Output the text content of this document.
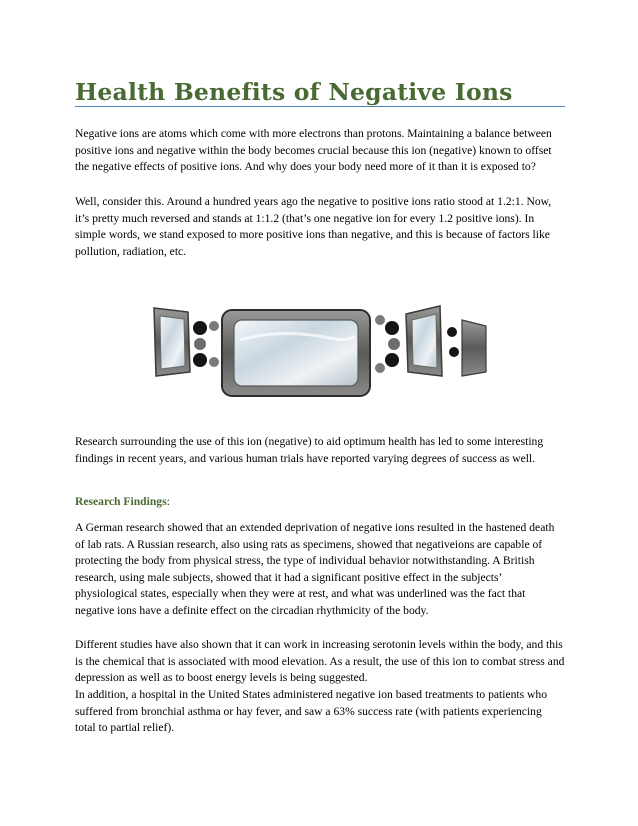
Health Benefits of Negative Ions

Negative ions are atoms which come with more electrons than protons. Maintaining a balance between positive ions and negative within the body becomes crucial because this ion (negative) known to offset the negative effects of positive ions. And why does your body need more of it than it is exposed to?

Well, consider this. Around a hundred years ago the negative to positive ions ratio stood at 1.2:1. Now, it’s pretty much reversed and stands at 1:1.2 (that’s one negative ion for every 1.2 positive ions). In simple words, we stand exposed to more positive ions than negative, and this is because of factors like pollution, radiation, etc.

Research surrounding the use of this ion (negative) to aid optimum health has led to some interesting findings in recent years, and various human trials have reported varying degrees of success as well.

Research Findings:

A German research showed that an extended deprivation of negative ions resulted in the hastened death of lab rats. A Russian research, also using rats as specimens, showed that negativeions are capable of protecting the body from physical stress, the type of individual behavior notwithstanding. A British research, using male subjects, showed that it had a significant positive effect in the subjects’ physiological states, especially when they were at rest, and what was underlined was the fact that negative ions have a definite effect on the circadian rhythmicity of the body.

Different studies have also shown that it can work in increasing serotonin levels within the body, and this is the chemical that is associated with mood elevation. As a result, the use of this ion to combat stress and depression as well as to boost energy levels is being suggested.

In addition, a hospital in the United States administered negative ion based treatments to patients who suffered from bronchial asthma or hay fever, and saw a 63% success rate (with patients experiencing total to partial relief).
